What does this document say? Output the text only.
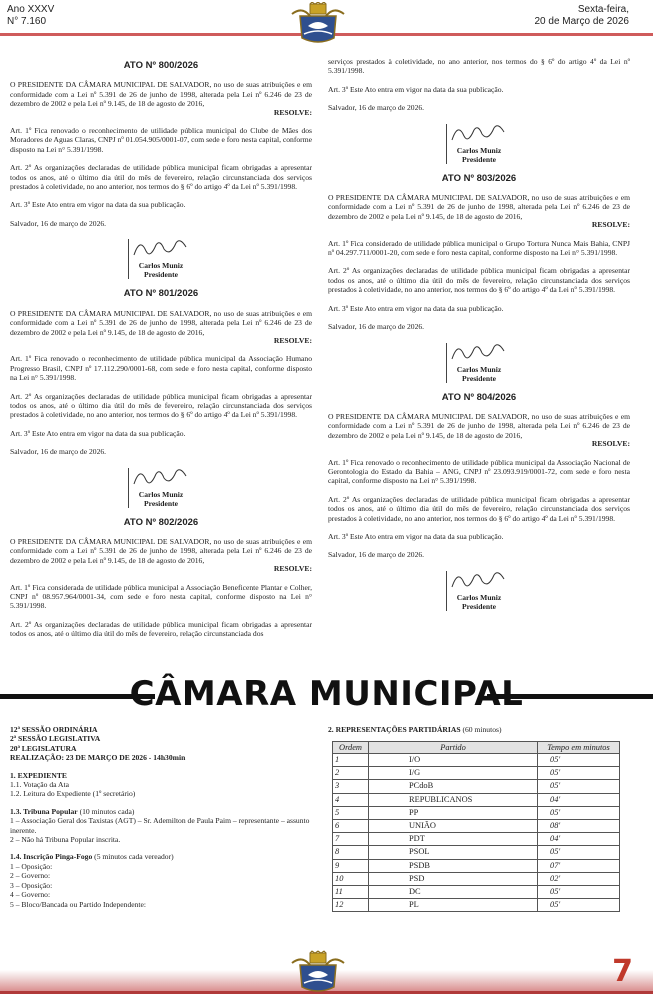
Ano XXXV
N° 7.160
Sexta-feira,
20 de Março de 2026
ATO Nº 800/2026

O PRESIDENTE DA CÂMARA MUNICIPAL DE SALVADOR, no uso de suas atribuições e em conformidade com a Lei nº 5.391 de 26 de junho de 1998, alterada pela Lei nº 6.246 de 23 de dezembro de 2002 e pela Lei nº 9.145, de 18 de agosto de 2016,

RESOLVE:

Art. 1º Fica renovado o reconhecimento de utilidade pública municipal do Clube de Mães dos Moradores de Aguas Claras, CNPJ nº 01.054.905/0001-07, com sede e foro nesta capital, conforme disposto na Lei n° 5.391/1998.

Art. 2º As organizações declaradas de utilidade pública municipal ficam obrigadas a apresentar todos os anos, até o último dia útil do mês de fevereiro, relação circunstanciada dos serviços prestados à coletividade, no ano anterior, nos termos do § 6º do artigo 4º da Lei nº 5.391/1998.

Art. 3º Este Ato entra em vigor na data da sua publicação.

Salvador, 16 de março de 2026.

Carlos Muniz
Presidente
ATO Nº 801/2026

O PRESIDENTE DA CÂMARA MUNICIPAL DE SALVADOR, no uso de suas atribuições e em conformidade com a Lei nº 5.391 de 26 de junho de 1998, alterada pela Lei nº 6.246 de 23 de dezembro de 2002 e pela Lei nº 9.145, de 18 de agosto de 2016,

RESOLVE:

Art. 1º Fica renovado o reconhecimento de utilidade pública municipal da Associação Humano Progresso Brasil, CNPJ nº 17.112.290/0001-68, com sede e foro nesta capital, conforme disposto na Lei n° 5.391/1998.

Art. 2º As organizações declaradas de utilidade pública municipal ficam obrigadas a apresentar todos os anos, até o último dia útil do mês de fevereiro, relação circunstanciada dos serviços prestados à coletividade, no ano anterior, nos termos do § 6º do artigo 4º da Lei nº 5.391/1998.

Art. 3º Este Ato entra em vigor na data da sua publicação.

Salvador, 16 de março de 2026.

Carlos Muniz
Presidente
ATO Nº 802/2026

O PRESIDENTE DA CÂMARA MUNICIPAL DE SALVADOR, no uso de suas atribuições e em conformidade com a Lei nº 5.391 de 26 de junho de 1998, alterada pela Lei nº 6.246 de 23 de dezembro de 2002 e pela Lei nº 9.145, de 18 de agosto de 2016,

RESOLVE:

Art. 1º Fica considerada de utilidade pública municipal a Associação Beneficente Plantar e Colher, CNPJ nº 08.957.964/0001-34, com sede e foro nesta capital, conforme disposto na Lei n° 5.391/1998.

Art. 2º As organizações declaradas de utilidade pública municipal ficam obrigadas a apresentar todos os anos, até o último dia útil do mês de fevereiro, relação circunstanciada dos

serviços prestados à coletividade, no ano anterior, nos termos do § 6º do artigo 4º da Lei nº 5.391/1998.

Art. 3º Este Ato entra em vigor na data da sua publicação.

Salvador, 16 de março de 2026.

Carlos Muniz
Presidente
ATO Nº 803/2026

O PRESIDENTE DA CÂMARA MUNICIPAL DE SALVADOR, no uso de suas atribuições e em conformidade com a Lei nº 5.391 de 26 de junho de 1998, alterada pela Lei nº 6.246 de 23 de dezembro de 2002 e pela Lei nº 9.145, de 18 de agosto de 2016,

RESOLVE:

Art. 1º Fica considerado de utilidade pública municipal o Grupo Tortura Nunca Mais Bahia, CNPJ nº 04.297.711/0001-20, com sede e foro nesta capital, conforme disposto na Lei n° 5.391/1998.

Art. 2º As organizações declaradas de utilidade pública municipal ficam obrigadas a apresentar todos os anos, até o último dia útil do mês de fevereiro, relação circunstanciada dos serviços prestados à coletividade, no ano anterior, nos termos do § 6º do artigo 4º da Lei nº 5.391/1998.

Art. 3º Este Ato entra em vigor na data da sua publicação.

Salvador, 16 de março de 2026.

Carlos Muniz
Presidente
ATO Nº 804/2026

O PRESIDENTE DA CÂMARA MUNICIPAL DE SALVADOR, no uso de suas atribuições e em conformidade com a Lei nº 5.391 de 26 de junho de 1998, alterada pela Lei nº 6.246 de 23 de dezembro de 2002 e pela Lei nº 9.145, de 18 de agosto de 2016,

RESOLVE:

Art. 1º Fica renovado o reconhecimento de utilidade pública municipal da Associação Nacional de Gerontologia do Estado da Bahia – ANG, CNPJ nº 23.093.919/0001-72, com sede e foro nesta capital, conforme disposto na Lei n° 5.391/1998.

Art. 2º As organizações declaradas de utilidade pública municipal ficam obrigadas a apresentar todos os anos, até o último dia útil do mês de fevereiro, relação circunstanciada dos serviços prestados à coletividade, no ano anterior, nos termos do § 6º do artigo 4º da Lei nº 5.391/1998.

Art. 3º Este Ato entra em vigor na data da sua publicação.

Salvador, 16 de março de 2026.

Carlos Muniz
Presidente
CÂMARA MUNICIPAL
12ª SESSÃO ORDINÁRIA
2ª SESSÃO LEGISLATIVA
20ª LEGISLATURA
REALIZAÇÃO: 23 DE MARÇO DE 2026 - 14h30min
1. EXPEDIENTE
1.1. Votação da Ata
1.2. Leitura do Expediente (1º secretário)
1.3. Tribuna Popular (10 minutos cada)
1 – Associação Geral dos Taxistas (AGT) – Sr. Ademilton de Paula Paim – representante – assunto inerente.
2 – Não há Tribuna Popular inscrita.
1.4. Inscrição Pinga-Fogo (5 minutos cada vereador)
1 – Oposição:
2 – Governo:
3 – Oposição:
4 – Governo:
5 – Bloco/Bancada ou Partido Independente:
2. REPRESENTAÇÕES PARTIDÁRIAS (60 minutos)
Ordem	Partido	Tempo em minutos
1	I/O	05'
2	I/G	05'
3	PCdoB	05'
4	REPUBLICANOS	04'
5	PP	05'
6	UNIÃO	08'
7	PDT	04'
8	PSOL	05'
9	PSDB	07'
10	PSD	02'
11	DC	05'
12	PL	05'
7
